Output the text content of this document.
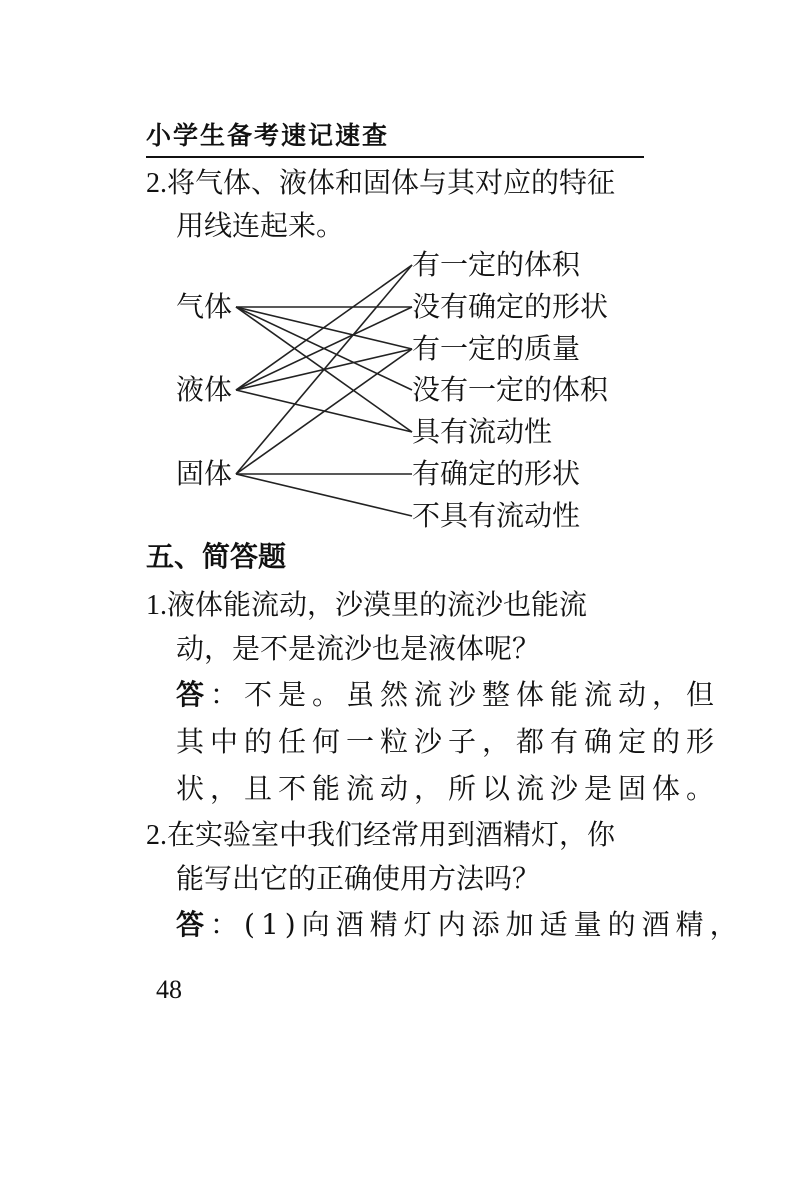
小学生备考速记速查
2.将气体、液体和固体与其对应的特征
用线连起来。
气体
液体
固体
有一定的体积
没有确定的形状
有一定的质量
没有一定的体积
具有流动性
有确定的形状
不具有流动性
五、简答题
1.液体能流动，沙漠里的流沙也能流
动，是不是流沙也是液体呢？
答：不是。虽然流沙整体能流动，但
其中的任何一粒沙子，都有确定的形
状，且不能流动，所以流沙是固体。
2.在实验室中我们经常用到酒精灯，你
能写出它的正确使用方法吗？
答：(1)向酒精灯内添加适量的酒精，
48
